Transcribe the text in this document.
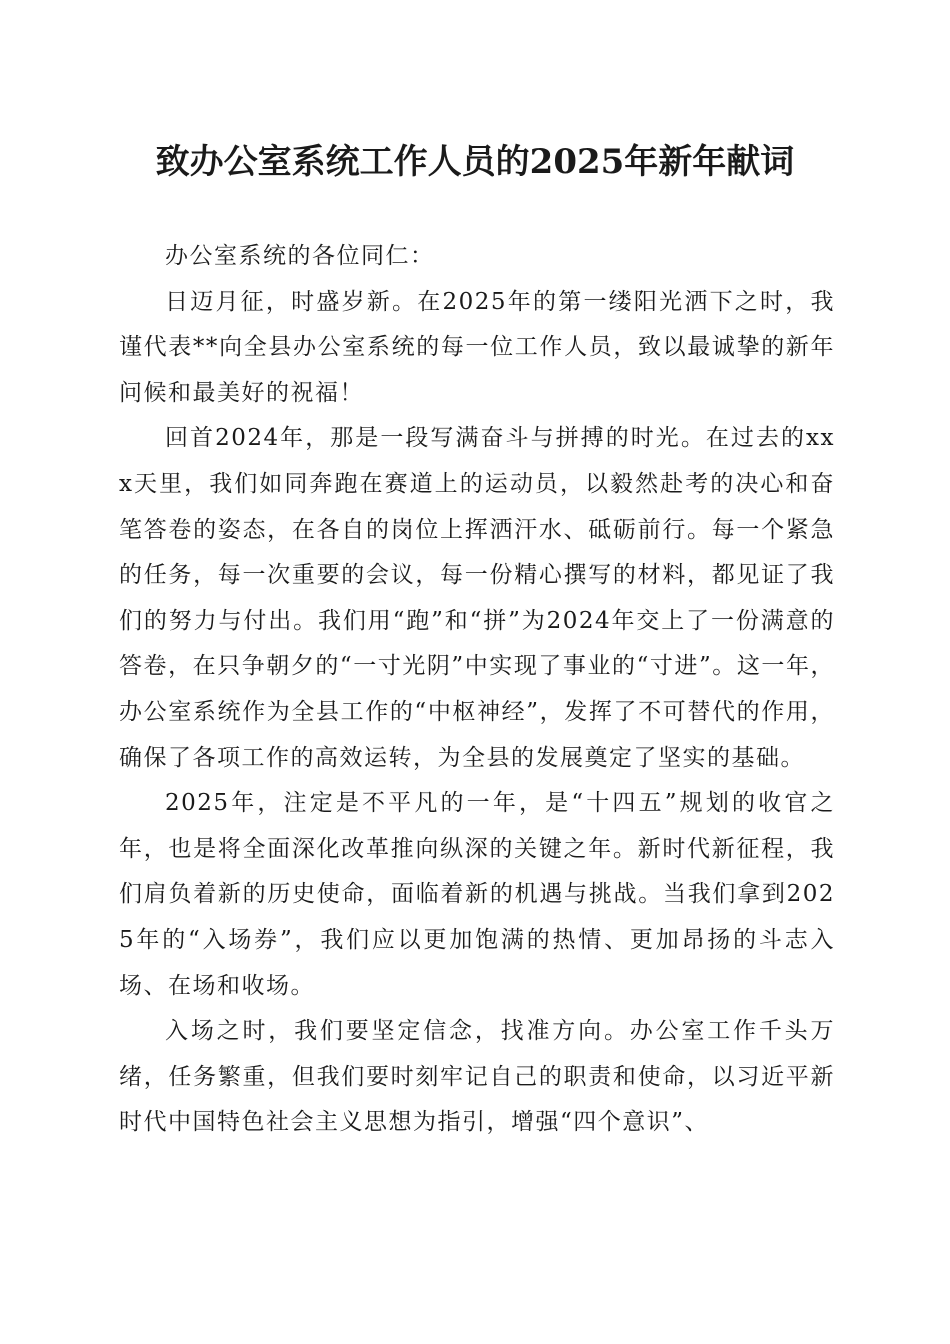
致办公室系统工作人员的2025年新年献词

办公室系统的各位同仁：

日迈月征，时盛岁新。在2025年的第一缕阳光洒下之时，我谨代表**向全县办公室系统的每一位工作人员，致以最诚挚的新年问候和最美好的祝福！

回首2024年，那是一段写满奋斗与拼搏的时光。在过去的xxx天里，我们如同奔跑在赛道上的运动员，以毅然赴考的决心和奋笔答卷的姿态，在各自的岗位上挥洒汗水、砥砺前行。每一个紧急的任务，每一次重要的会议，每一份精心撰写的材料，都见证了我们的努力与付出。我们用“跑”和“拼”为2024年交上了一份满意的答卷，在只争朝夕的“一寸光阴”中实现了事业的“寸进”。这一年，办公室系统作为全县工作的“中枢神经”，发挥了不可替代的作用，确保了各项工作的高效运转，为全县的发展奠定了坚实的基础。

2025年，注定是不平凡的一年，是“十四五”规划的收官之年，也是将全面深化改革推向纵深的关键之年。新时代新征程，我们肩负着新的历史使命，面临着新的机遇与挑战。当我们拿到2025年的“入场券”，我们应以更加饱满的热情、更加昂扬的斗志入场、在场和收场。

入场之时，我们要坚定信念，找准方向。办公室工作千头万绪，任务繁重，但我们要时刻牢记自己的职责和使命，以习近平新时代中国特色社会主义思想为指引，增强“四个意识”、
